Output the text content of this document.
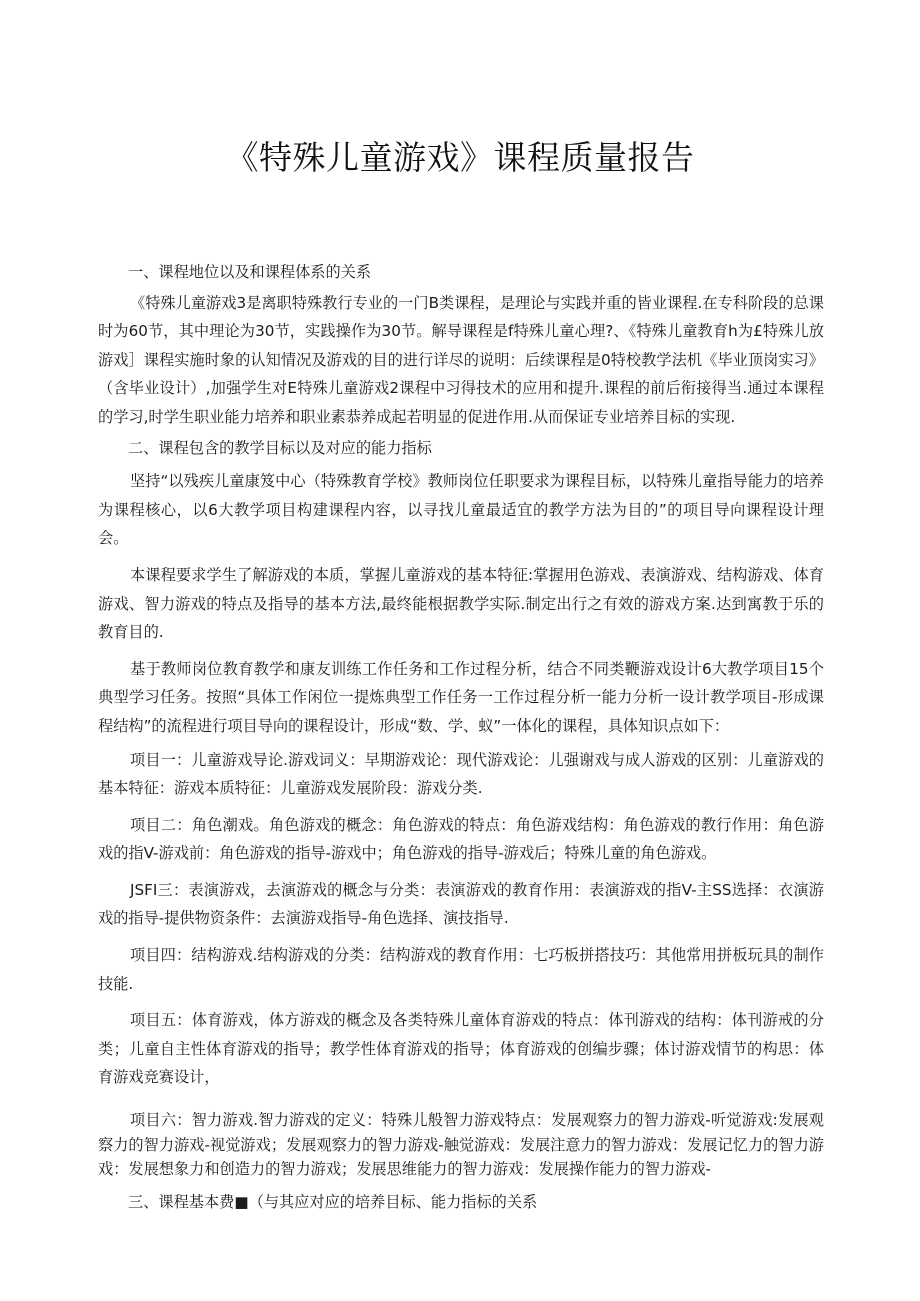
《特殊儿童游戏》课程质量报告

一、课程地位以及和课程体系的关系

《特殊儿童游戏3是离职特殊教行专业的一门B类课程，是理论与实践并重的皆业课程.在专科阶段的总课时为60节，其中理论为30节，实践操作为30节。解导课程是f特殊儿童心理?、《特殊儿童教育h为£特殊儿放游戏］课程实施时象的认知情况及游戏的目的进行详尽的说明：后续课程是0特校教学法机《毕业顶岗实习》（含毕业设计）,加强学生对E特殊儿童游戏2课程中习得技术的应用和提升.课程的前后衔接得当.通过本课程的学习,时学生职业能力培养和职业素恭养成起若明显的促进作用.从而保证专业培养目标的实现.

二、课程包含的教学目标以及对应的能力指标

坚持“以残疾儿童康笈中心（特殊教育学校》教师岗位任职要求为课程目标，以特殊儿童指导能力的培养为课程核心，以6大教学项目构建课程内容，以寻找儿童最适宜的教学方法为目的”的项目导向课程设计理会。

本课程要求学生了解游戏的本质，掌握儿童游戏的基本特征:掌握用色游戏、表演游戏、结构游戏、体育游戏、智力游戏的特点及指导的基本方法,最终能根据教学实际.制定出行之有效的游戏方案.达到寓教于乐的教育目的.

基于教师岗位教育教学和康友训练工作任务和工作过程分析，结合不同类鞭游戏设计6大教学项目15个典型学习任务。按照“具体工作闲位一提炼典型工作任务一工作过程分析一能力分析一设计教学项目-形成课程结构”的流程进行项目导向的课程设计，形成“数、学、蚁”一体化的课程，具体知识点如下：

项目一：儿童游戏导论.游戏词义：早期游戏论：现代游戏论：儿强谢戏与成人游戏的区别：儿童游戏的基本特征：游戏本质特征：儿童游戏发展阶段：游戏分类.

项目二：角色潮戏。角色游戏的概念：角色游戏的特点：角色游戏结构：角色游戏的教行作用：角色游戏的指V-游戏前：角色游戏的指导-游戏中；角色游戏的指导-游戏后；特殊儿童的角色游戏。

JSFI三：表演游戏，去演游戏的概念与分类：表演游戏的教育作用：表演游戏的指V-主SS选择：衣演游戏的指导-提供物资条件：去演游戏指导-角色选择、演技指导.

项目四：结构游戏.结构游戏的分类：结构游戏的教育作用：七巧板拼搭技巧：其他常用拼板玩具的制作技能.

项目五：体育游戏，体方游戏的概念及各类特殊儿童体育游戏的特点：体刊游戏的结构：体刊游戒的分类；儿童自主性体育游戏的指导；教学性体育游戏的指导；体育游戏的创编步骤；体讨游戏情节的构思：体育游戏竞赛设计，

项目六：智力游戏.智力游戏的定义：特殊儿般智力游戏特点：发展观察力的智力游戏-听觉游戏:发展观察力的智力游戏-视觉游戏；发展观察力的智力游戏-触觉游戏：发展注意力的智力游戏：发展记忆力的智力游戏：发展想象力和创造力的智力游戏；发展思维能力的智力游戏：发展操作能力的智力游戏-

三、课程基本费■（与其应对应的培养目标、能力指标的关系
